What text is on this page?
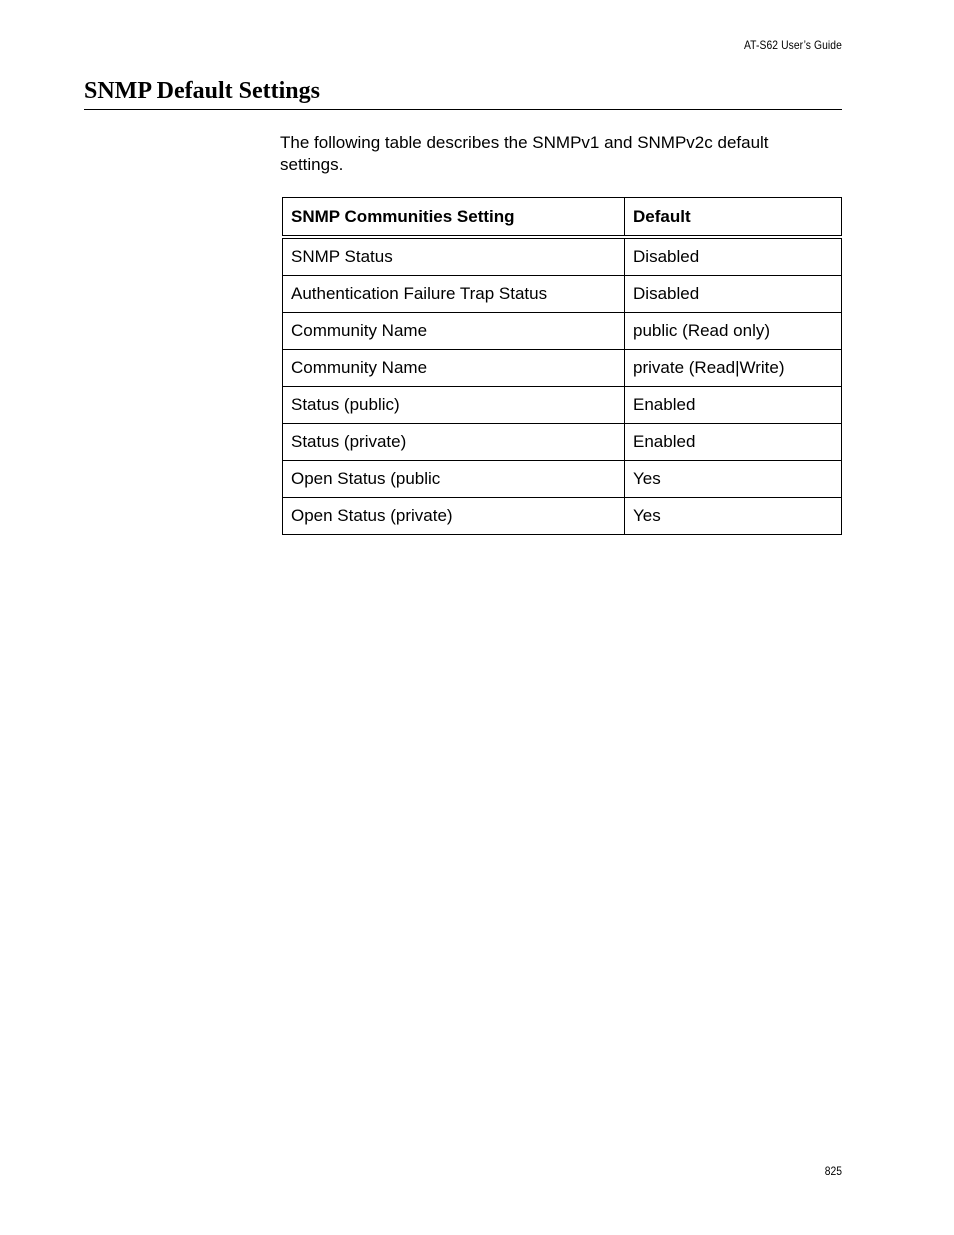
AT-S62 User’s Guide
SNMP Default Settings

The following table describes the SNMPv1 and SNMPv2c default settings.

SNMP Communities Setting	Default
SNMP Status	Disabled
Authentication Failure Trap Status	Disabled
Community Name	public (Read only)
Community Name	private (Read|Write)
Status (public)	Enabled
Status (private)	Enabled
Open Status (public	Yes
Open Status (private)	Yes
825
